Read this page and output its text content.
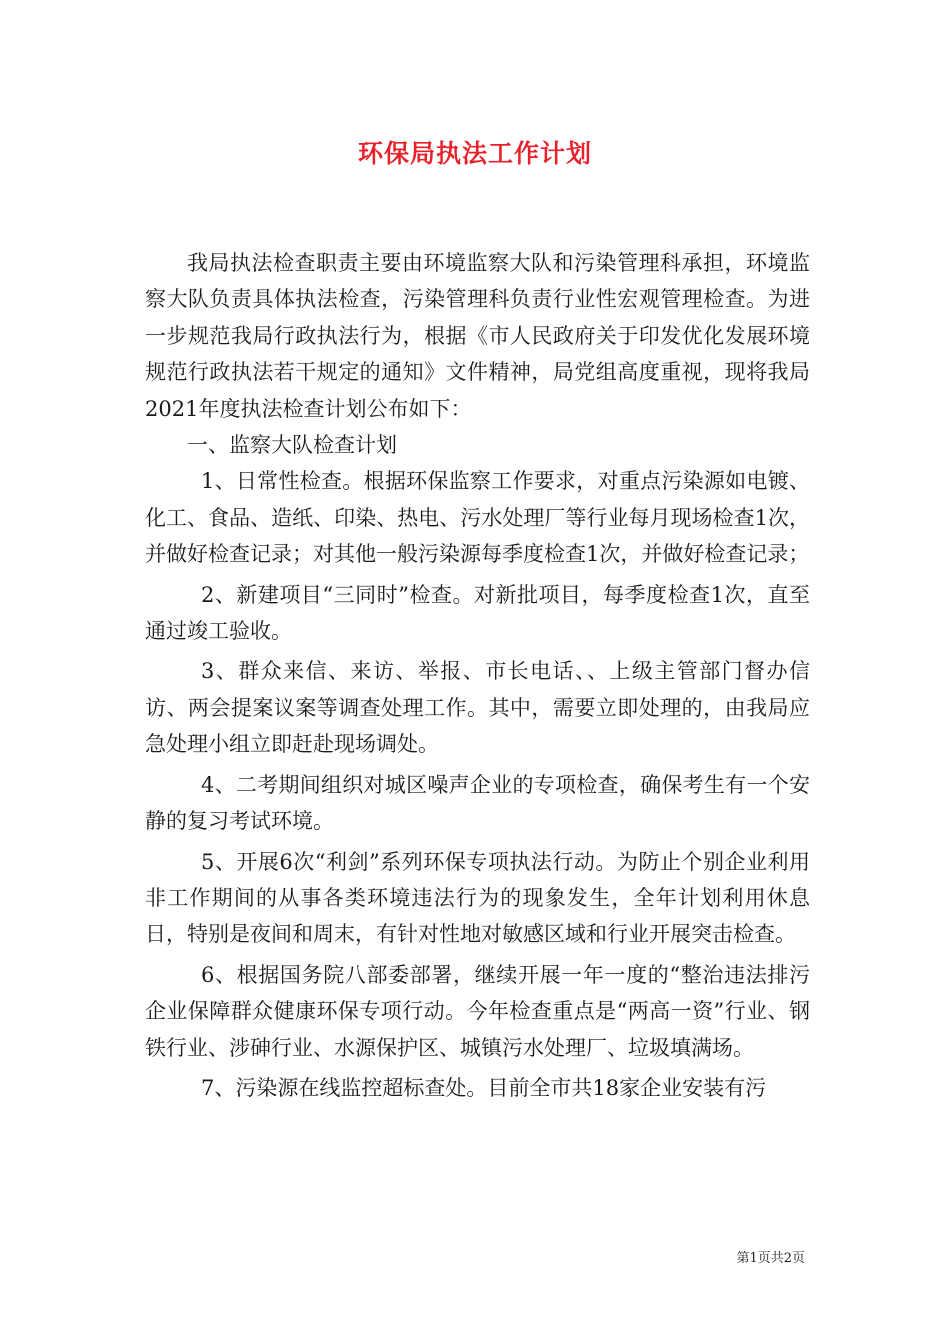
环保局执法工作计划

我局执法检查职责主要由环境监察大队和污染管理科承担，环境监察大队负责具体执法检查，污染管理科负责行业性宏观管理检查。为进一步规范我局行政执法行为，根据《市人民政府关于印发优化发展环境规范行政执法若干规定的通知》文件精神，局党组高度重视，现将我局2021年度执法检查计划公布如下：

一、监察大队检查计划

1、日常性检查。根据环保监察工作要求，对重点污染源如电镀、化工、食品、造纸、印染、热电、污水处理厂等行业每月现场检查1次，并做好检查记录；对其他一般污染源每季度检查1次，并做好检查记录；

2、新建项目“三同时”检查。对新批项目，每季度检查1次，直至通过竣工验收。

3、群众来信、来访、举报、市长电话、、上级主管部门督办信访、两会提案议案等调查处理工作。其中，需要立即处理的，由我局应急处理小组立即赶赴现场调处。

4、二考期间组织对城区噪声企业的专项检查，确保考生有一个安静的复习考试环境。

5、开展6次“利剑”系列环保专项执法行动。为防止个别企业利用非工作期间的从事各类环境违法行为的现象发生，全年计划利用休息日，特别是夜间和周末，有针对性地对敏感区域和行业开展突击检查。

6、根据国务院八部委部署，继续开展一年一度的“整治违法排污企业保障群众健康环保专项行动。今年检查重点是“两高一资”行业、钢铁行业、涉砷行业、水源保护区、城镇污水处理厂、垃圾填满场。

7、污染源在线监控超标查处。目前全市共18家企业安装有污

第1页共2页
